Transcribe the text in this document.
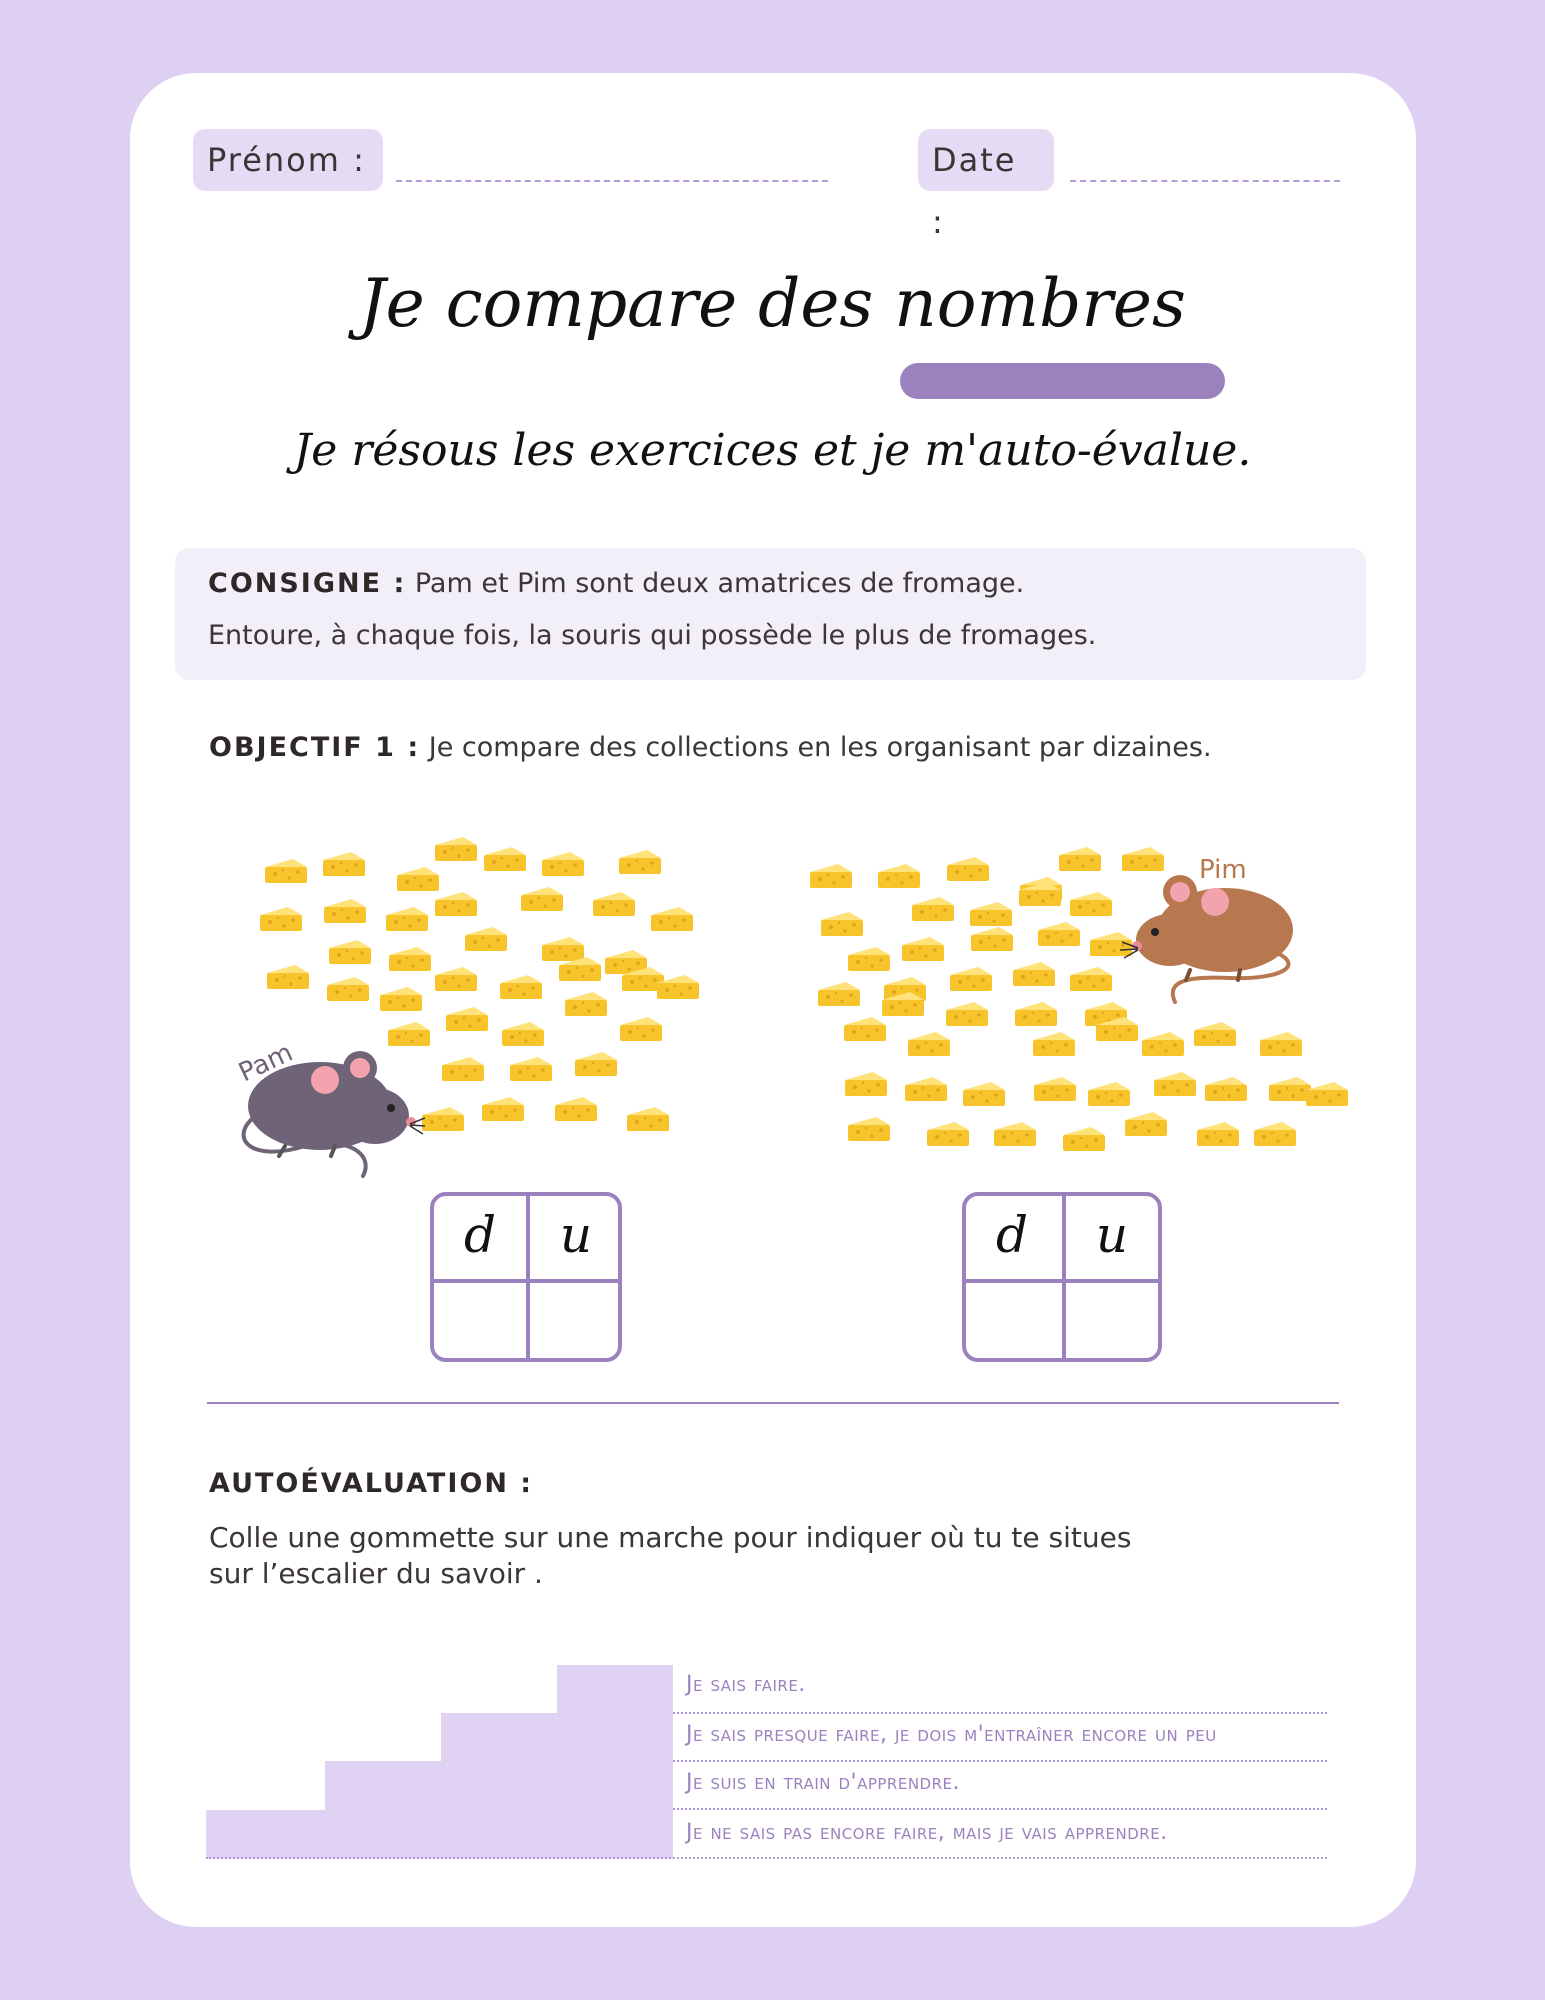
Prénom :	Date :
Je compare des nombres
Je résous les exercices et je m'auto-évalue.
CONSIGNE : Pam et Pim sont deux amatrices de fromage.
Entoure, à chaque fois, la souris qui possède le plus de fromages.
OBJECTIF 1 : Je compare des collections en les organisant par dizaines.
Pam
Pim
d	u	d	u
AUTOÉVALUATION :
Colle une gommette sur une marche pour indiquer où tu te situes
sur l’escalier du savoir .
Je sais faire.
Je sais presque faire, je dois m'entraîner encore un peu
Je suis en train d'apprendre.
Je ne sais pas encore faire, mais je vais apprendre.
